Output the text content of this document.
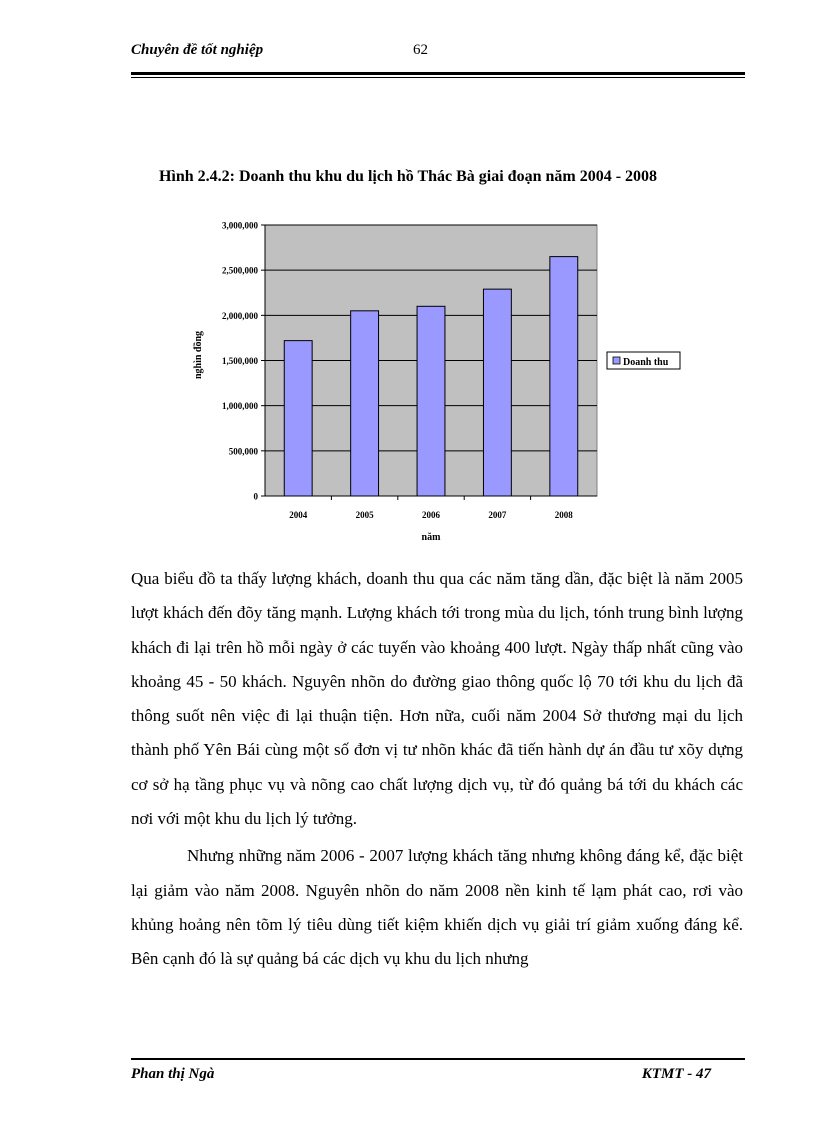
Chuyên đề tốt nghiệp	62
Hình 2.4.2: Doanh thu khu du lịch hồ Thác Bà giai đoạn năm 2004 - 2008
nghìn đồng
năm
Doanh thu
0
500,000
1,000,000
1,500,000
2,000,000
2,500,000
3,000,000
2004	2005	2006	2007	2008

Qua biểu đồ ta thấy lượng khách, doanh thu qua các năm tăng dần, đặc biệt là năm 2005 lượt khách đến đõy tăng mạnh. Lượng khách tới trong mùa du lịch, tónh trung bình lượng khách đi lại trên hồ mỗi ngày ở các tuyến vào khoảng 400 lượt. Ngày thấp nhất cũng vào khoảng 45 - 50 khách. Nguyên nhõn do đường giao thông quốc lộ 70 tới khu du lịch đã thông suốt nên việc đi lại thuận tiện. Hơn nữa, cuối năm 2004 Sở thương mại du lịch thành phố Yên Bái cùng một số đơn vị tư nhõn khác đã tiến hành dự án đầu tư xõy dựng cơ sở hạ tầng phục vụ và nõng cao chất lượng dịch vụ, từ đó quảng bá tới du khách các nơi với một khu du lịch lý tưởng.

Nhưng những năm 2006 - 2007 lượng khách tăng nhưng không đáng kể, đặc biệt lại giảm vào năm 2008. Nguyên nhõn do năm 2008 nền kinh tế lạm phát cao, rơi vào khủng hoảng nên tõm lý tiêu dùng tiết kiệm khiến dịch vụ giải trí giảm xuống đáng kể. Bên cạnh đó là sự quảng bá các dịch vụ khu du lịch nhưng

Phan thị Ngà	KTMT - 47
